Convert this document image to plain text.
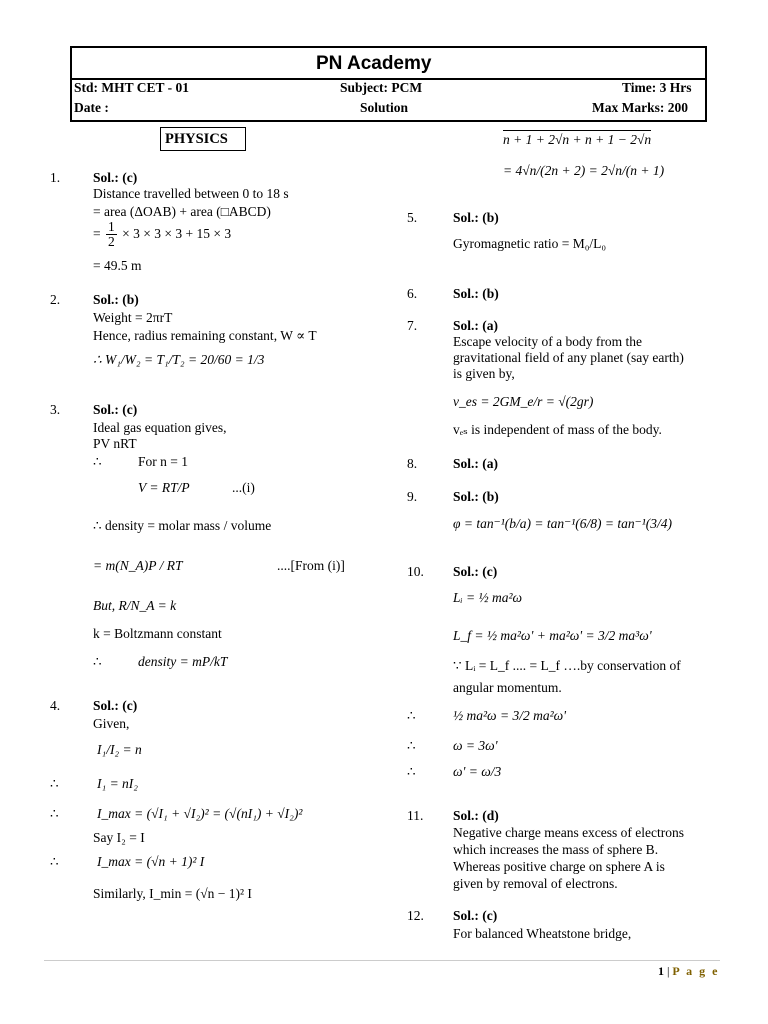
PN Academy
Std: MHT CET - 01	Subject: PCM	Time: 3 Hrs
Date :	Solution	Max Marks: 200
PHYSICS
1. Sol.: (c)
Distance travelled between 0 to 18 s
= area (ΔOAB) + area (□ABCD)
= $\frac{1}{2} \times 3 \times 3 \times 3 + 15 \times 3$
= 49.5 m
2. Sol.: (b)
Weight = 2πrT
Hence, radius remaining constant, W ∝ T
∴ W₁/W₂ = T₁/T₂ = 20/60 = 1/3
3. Sol.: (c)
Ideal gas equation gives,
PV nRT
∴	For n = 1
V = RT/P	...(i)
∴ density = molar mass / volume
= m(N_A)P / RT	....[From (i)]
But, R/N_A = k
k = Boltzmann constant
∴	density = mP/kT
4. Sol.: (c)
Given,
I₁/I₂ = n
∴	I₁ = nI₂
∴	I_max = (√I₁ + √I₂)² = (√(nI₁) + √I₂)²
Say I₂ = I
∴	I_max = (√n + 1)² I
Similarly, I_min = (√n − 1)² I
n + 1 + 2√n + n + 1 − 2√n
= 4√n/(2n + 2) = 2√n/(n + 1)
5.	Sol.: (b)
Gyromagnetic ratio = M₀/L₀
6.	Sol.: (b)
7.	Sol.: (a)
Escape velocity of a body from the
gravitational field of any planet (say earth)
is given by,
v_es = 2GM_e/r = √(2gr)
vₑₛ is independent of mass of the body.
8.	Sol.: (a)
9.	Sol.: (b)
φ = tan⁻¹(b/a) = tan⁻¹(6/8) = tan⁻¹(3/4)
10. Sol.: (c)
Lᵢ = ½ ma²ω
L_f = ½ ma²ω' + ma²ω' = 3/2 ma³ω'
∵ Lᵢ = L_f .... = L_f ….by conservation of
angular momentum.
∴	½ ma²ω = 3/2 ma²ω'
∴	ω = 3ω'
∴	ω' = ω/3
11. Sol.: (d)
Negative charge means excess of electrons
which increases the mass of sphere B.
Whereas positive charge on sphere A is
given by removal of electrons.
12. Sol.: (c)
For balanced Wheatstone bridge,
1 | P a g e
